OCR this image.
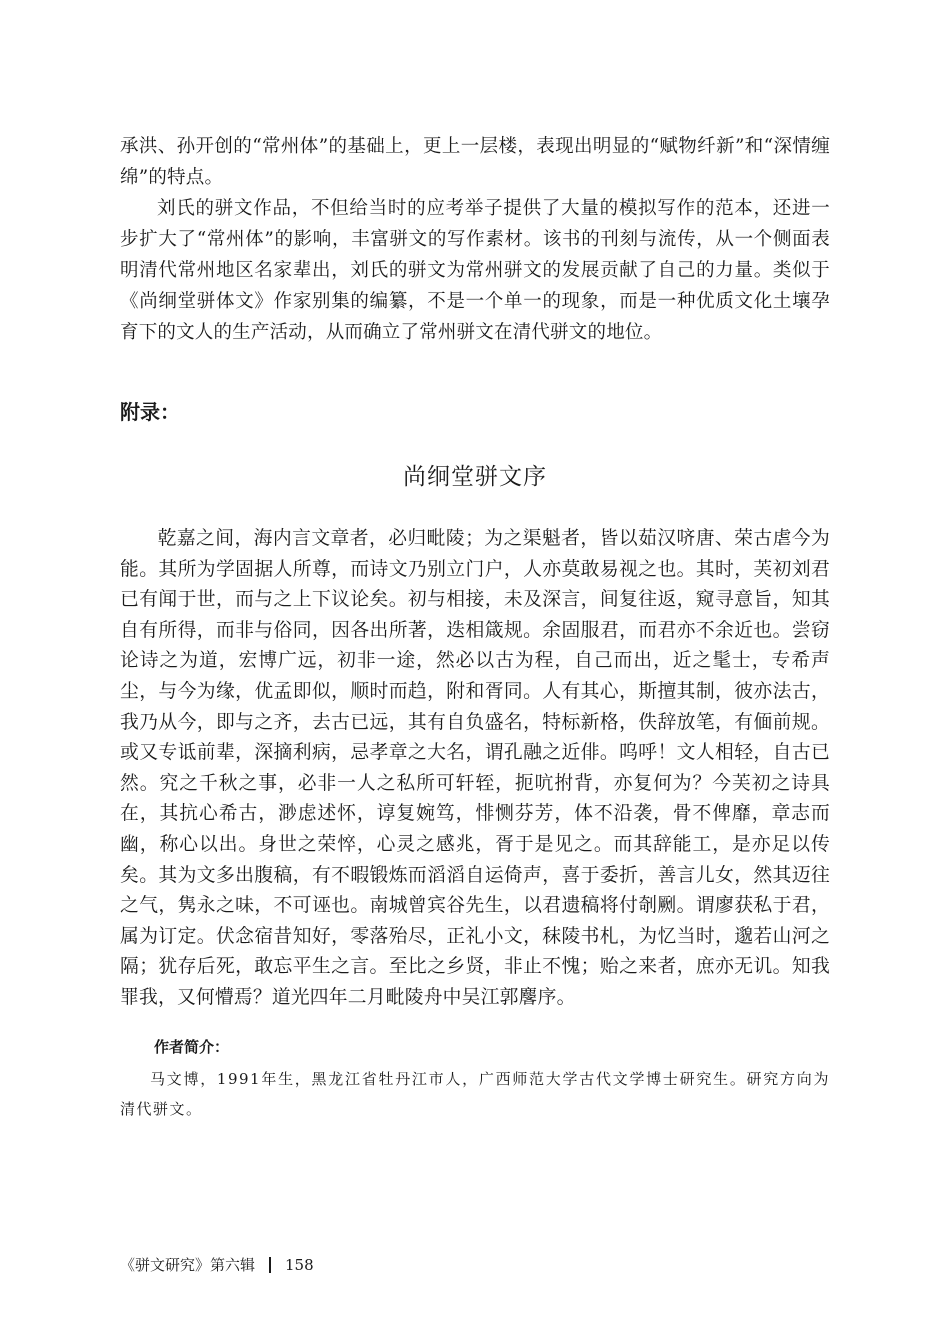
承洪、孙开创的“常州体”的基础上，更上一层楼，表现出明显的“赋物纤新”和“深情缠绵”的特点。

刘氏的骈文作品，不但给当时的应考举子提供了大量的模拟写作的范本，还进一步扩大了“常州体”的影响，丰富骈文的写作素材。该书的刊刻与流传，从一个侧面表明清代常州地区名家辈出，刘氏的骈文为常州骈文的发展贡献了自己的力量。类似于《尚䌹堂骈体文》作家别集的编纂，不是一个单一的现象，而是一种优质文化土壤孕育下的文人的生产活动，从而确立了常州骈文在清代骈文的地位。

附录：
尚䌹堂骈文序

乾嘉之间，海内言文章者，必归毗陵；为之渠魁者，皆以茹汉哜唐、荣古虐今为能。其所为学固据人所尊，而诗文乃别立门户，人亦莫敢易视之也。其时，芙初刘君已有闻于世，而与之上下议论矣。初与相接，未及深言，间复往返，窥寻意旨，知其自有所得，而非与俗同，因各出所著，迭相箴规。余固服君，而君亦不余近也。尝窃论诗之为道，宏博广远，初非一途，然必以古为程，自己而出，近之髦士，专希声尘，与今为缘，优孟即似，顺时而趋，附和胥同。人有其心，斯擅其制，彼亦法古，我乃从今，即与之齐，去古已远，其有自负盛名，特标新格，佚辞放笔，有偭前规。或又专诋前辈，深摘利病，忌孝章之大名，谓孔融之近俳。呜呼！文人相轻，自古已然。究之千秋之事，必非一人之私所可轩轾，扼吭拊背，亦复何为？今芙初之诗具在，其抗心希古，渺虑述怀，谆复婉笃，悱恻芬芳，体不沿袭，骨不俾靡，章志而幽，称心以出。身世之荣悴，心灵之感兆，胥于是见之。而其辞能工，是亦足以传矣。其为文多出腹稿，有不暇锻炼而滔滔自运倚声，喜于委折，善言儿女，然其迈往之气，隽永之味，不可诬也。南城曾宾谷先生，以君遗稿将付剞劂。谓廖获私于君，属为订定。伏念宿昔知好，零落殆尽，正礼小文，秣陵书札，为忆当时，邈若山河之隔；犹存后死，敢忘平生之言。至比之乡贤，非止不愧；贻之来者，庶亦无讥。知我罪我，又何懵焉？道光四年二月毗陵舟中吴江郭麐序。

作者简介：

马文博，1991年生，黑龙江省牡丹江市人，广西师范大学古代文学博士研究生。研究方向为清代骈文。

《骈文研究》第六辑 158
